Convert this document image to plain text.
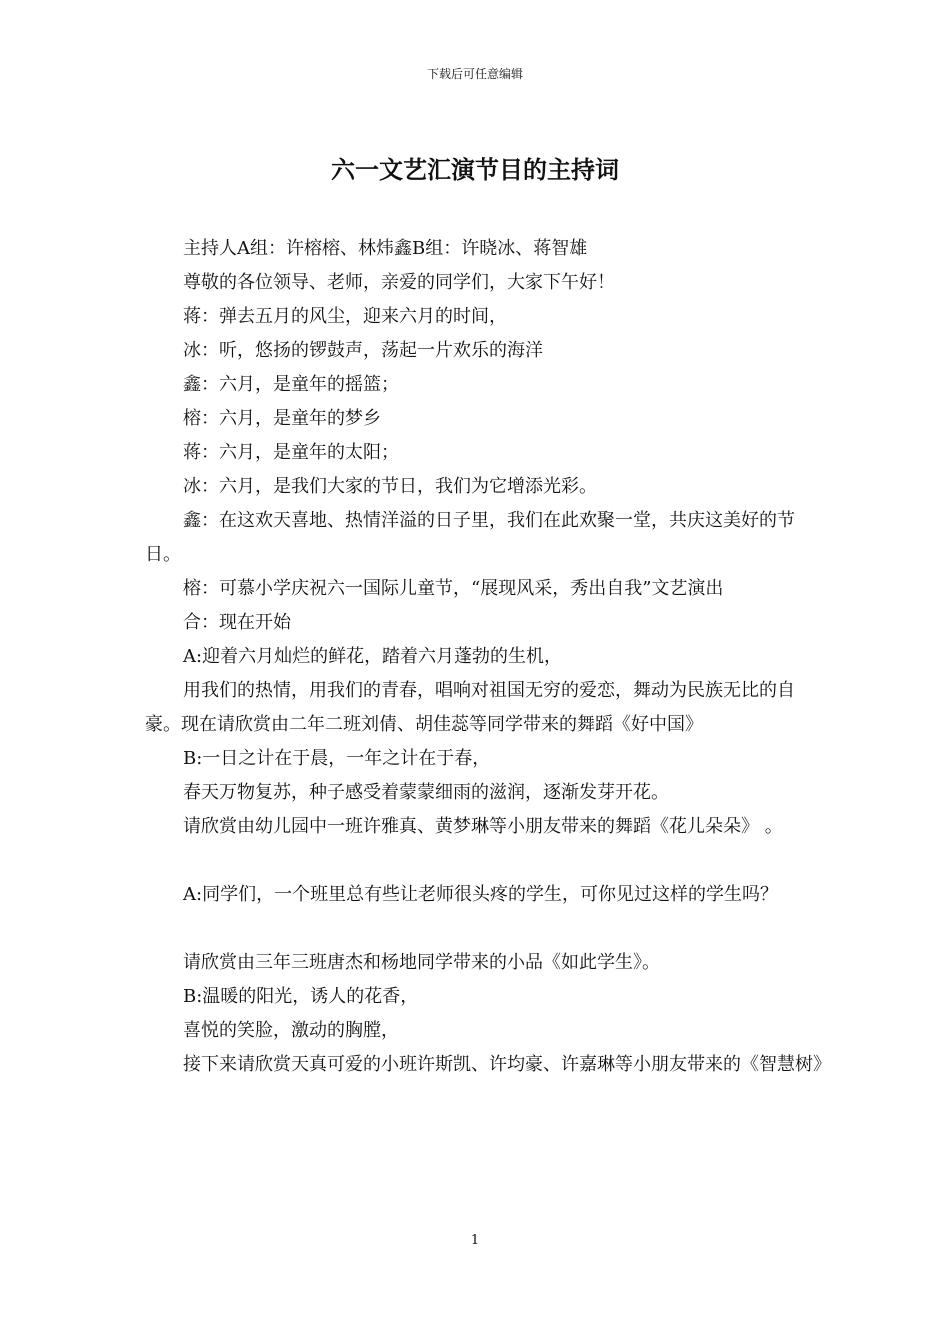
下载后可任意编辑
六一文艺汇演节目的主持词

主持人A组：许榕榕、林炜鑫B组：许晓冰、蒋智雄

尊敬的各位领导、老师，亲爱的同学们，大家下午好！

蒋：弹去五月的风尘，迎来六月的时间，

冰：听，悠扬的锣鼓声，荡起一片欢乐的海洋

鑫：六月，是童年的摇篮；

榕：六月，是童年的梦乡

蒋：六月，是童年的太阳；

冰：六月，是我们大家的节日，我们为它增添光彩。

鑫：在这欢天喜地、热情洋溢的日子里，我们在此欢聚一堂，共庆这美好的节日。

榕：可慕小学庆祝六一国际儿童节，“展现风采，秀出自我”文艺演出

合：现在开始

A:迎着六月灿烂的鲜花，踏着六月蓬勃的生机，

用我们的热情，用我们的青春，唱响对祖国无穷的爱恋，舞动为民族无比的自豪。现在请欣赏由二年二班刘倩、胡佳蕊等同学带来的舞蹈《好中国》

B:一日之计在于晨，一年之计在于春，

春天万物复苏，种子感受着蒙蒙细雨的滋润，逐渐发芽开花。

请欣赏由幼儿园中一班许雅真、黄梦琳等小朋友带来的舞蹈《花儿朵朵》 。

A:同学们，一个班里总有些让老师很头疼的学生，可你见过这样的学生吗？

请欣赏由三年三班唐杰和杨地同学带来的小品《如此学生》。

B:温暖的阳光，诱人的花香，

喜悦的笑脸，激动的胸膛，

接下来请欣赏天真可爱的小班许斯凯、许均豪、许嘉琳等小朋友带来的《智慧树》

1
